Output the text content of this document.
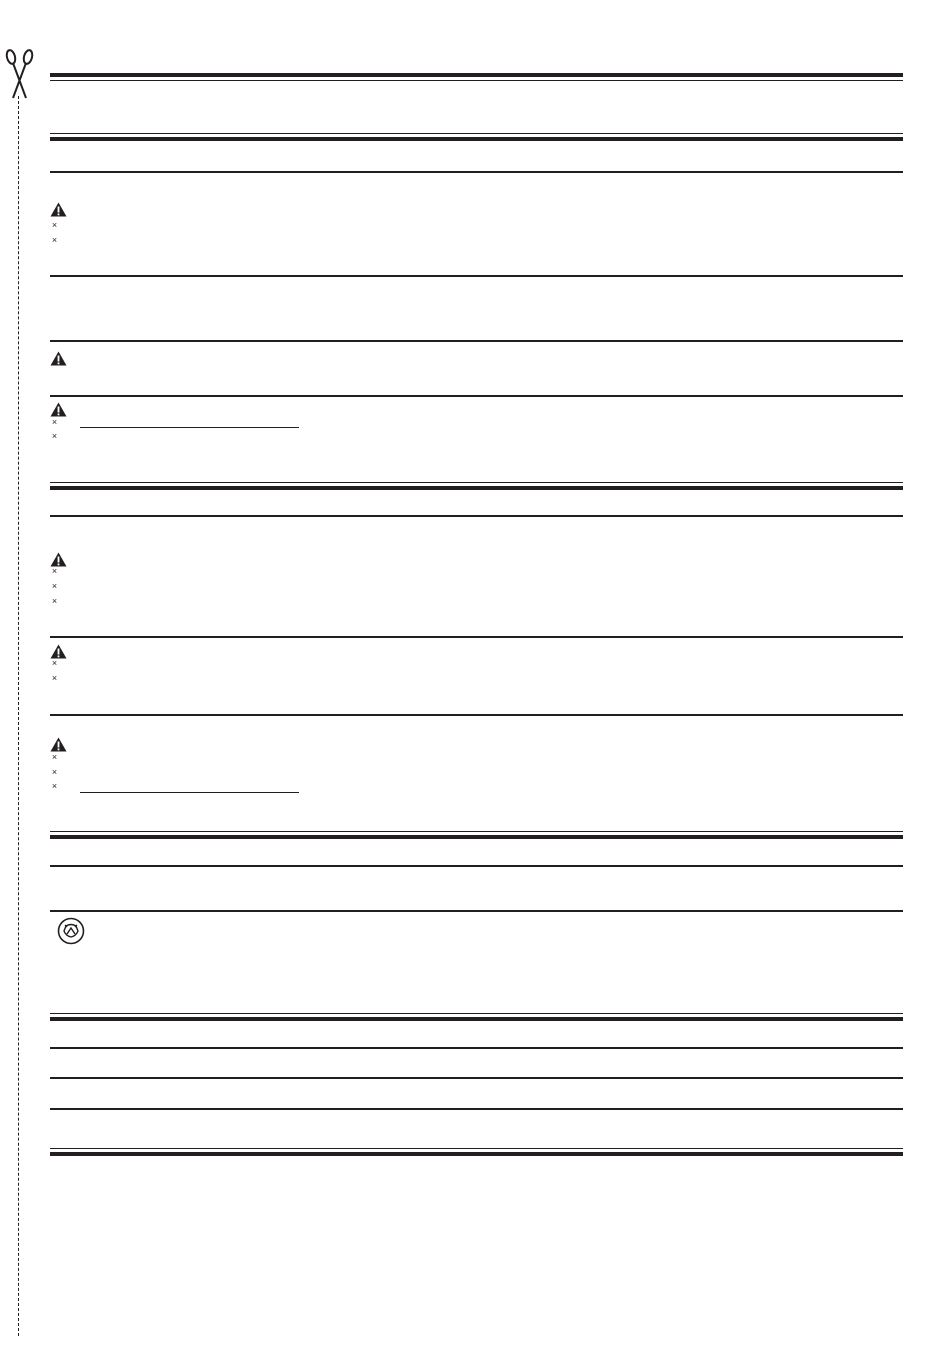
×
×
×
×
×
×
×
×
×
×
×
×
